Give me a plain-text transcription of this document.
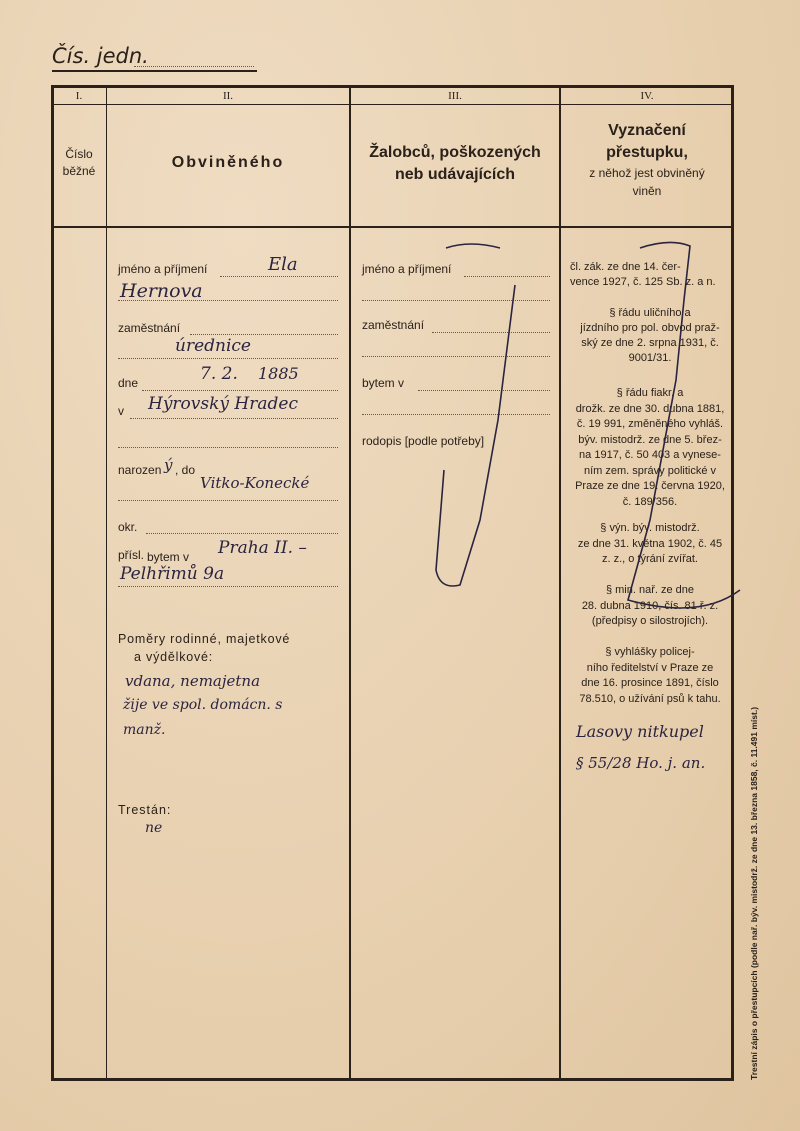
Čís. jedn.
I.	II.	III.	IV.
Číslo
běžné	Obviněného
Žalobců, poškozených
neb udávajících
Vyznačení
přestupku,
z něhož jest obviněný
viněn
jméno a příjmení	Ela
Hernova
zaměstnání
úrednice
dne	7. 2. 1885
v Hýrovský Hradec
narozen ý , do
Vitko-Konecké
okr.
přísl. bytem v Praha II. –
Pelhřimů 9a
Poměry rodinné, majetkové
a výdělkové:
vdana, nemajetna
žije ve spol. domácn. s
manž.
Trestán:
ne
jméno a příjmení
zaměstnání
bytem v
rodopis [podle potřeby]
čl. zák. ze dne 14. čer-
vence 1927, č. 125 Sb. z. a n.
§ řádu uličního a
jízdního pro pol. obvod praž-
ský ze dne 2. srpna 1931, č.
9001/31.
§ řádu fiakr. a
drožk. ze dne 30. dubna 1881,
č. 19 991, změněného vyhláš.
býv. mistodrž. ze dne 5. břez-
na 1917, č. 50 403 a vynese-
ním zem. správy politické v
Praze ze dne 19. června 1920,
č. 189/356.
§ výn. býv. mistodrž.
ze dne 31. května 1902, č. 45
z. z., o týrání zvířat.
§ min. nař. ze dne
28. dubna 1910, čís. 81 ř. z.
(předpisy o silostrojích).
§ vyhlášky policej-
ního ředitelství v Praze ze
dne 16. prosince 1891, číslo
78.510, o užívání psů k tahu.
Lasovy nitkupel
§ 55/28 Ho. j. an.	Trestní zápis o přestupcích (podle nař. býv. mistodrž. ze dne 13. března 1858, č. 11.491 míst.)
